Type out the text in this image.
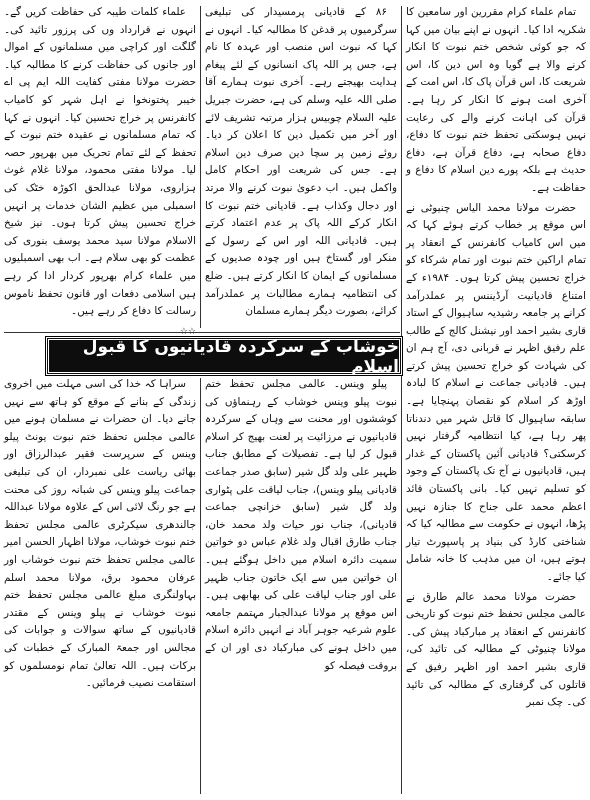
تمام علماء کرام مقررین اور سامعین کا شکریہ ادا کیا۔ انہوں نے اپنے بیان میں کہا کہ جو کوئی شخص ختم نبوت کا انکار کرنے والا ہے گویا وہ اس دین کا، اس شریعت کا، اس قرآن پاک کا، اس امت کے آخری امت ہونے کا انکار کر رہا ہے۔ قرآن کی اہانت کرنے والے کی رعایت نہیں ہوسکتی تحفظ ختم نبوت کا دفاع، دفاع صحابہ ہے، دفاع قرآن ہے، دفاع حدیث ہے بلکہ پورے دین اسلام کا دفاع و حفاظت ہے۔

حضرت مولانا محمد الیاس چنیوٹی نے اس موقع پر خطاب کرتے ہوئے کہا کہ میں اس کامیاب کانفرنس کے انعقاد پر تمام اراکین ختم نبوت اور تمام شرکاء کو خراج تحسین پیش کرتا ہوں۔ ۱۹۸۴ء کے امتناع قادیانیت آرڈیننس پر عملدرآمد کرانے پر جامعہ رشیدیہ ساہیوال کے استاد قاری بشیر احمد اور نیشنل کالج کے طالب علم رفیق اظہر نے قربانی دی، آج ہم ان کی شہادت کو خراج تحسین پیش کرتے ہیں۔ قادیانی جماعت نے اسلام کا لبادہ اوڑھ کر اسلام کو نقصان پہنچایا ہے۔ سابقہ ساہیوال کا قاتل شہر میں دندناتا پھر رہا ہے، کیا انتظامیہ گرفتار نہیں کرسکتی؟ قادیانی آئین پاکستان کے غدار ہیں، قادیانیوں نے آج تک پاکستان کے وجود کو تسلیم نہیں کیا۔ بانی پاکستان قائد اعظم محمد علی جناح کا جنازہ نہیں پڑھا، انہوں نے حکومت سے مطالبہ کیا کہ شناختی کارڈ کی بنیاد پر پاسپورٹ تیار ہوتے ہیں، ان میں مذہب کا خانہ شامل کیا جائے۔

حضرت مولانا محمد عالم طارق نے عالمی مجلس تحفظ ختم نبوت کو تاریخی کانفرنس کے انعقاد پر مبارکباد پیش کی۔ مولانا چنیوٹی کے مطالبہ کی تائید کی، قاری بشیر احمد اور اظہر رفیق کے قاتلوں کی گرفتاری کے مطالبہ کی تائید کی۔ چک نمبر

۸۶ کے قادیانی پرمسیدار کی تبلیغی سرگرمیوں پر قدغن کا مطالبہ کیا۔ انہوں نے کہا کہ نبوت اس منصب اور عہدہ کا نام ہے، جس پر اللہ پاک انسانوں کے لئے پیغام ہدایت بھیجتے رہے۔ آخری نبوت ہمارے آقا صلی اللہ علیہ وسلم کی ہے، حضرت جبریل علیہ السلام چوبیس ہزار مرتبہ تشریف لائے اور آخر میں تکمیل دین کا اعلان کر دیا۔ روئے زمین پر سچا دین صرف دین اسلام ہے۔ جس کی شریعت اور احکام کامل واکمل ہیں۔ اب دعویٰ نبوت کرنے والا مرتد اور دجال وکذاب ہے۔ قادیانی ختم نبوت کا انکار کرکے اللہ پاک پر عدم اعتماد کرتے ہیں۔ قادیانی اللہ اور اس کے رسول کے منکر اور گستاخ ہیں اور چودہ صدیوں کے مسلمانوں کے ایمان کا انکار کرتے ہیں۔ ضلع کی انتظامیہ ہمارے مطالبات پر عملدرآمد کرائے، بصورت دیگر ہمارے مسلمان

علماء کلمات طیبہ کی حفاظت کریں گے۔ انہوں نے قرارداد وں کی پرزور تائید کی۔ گلگت اور کراچی میں مسلمانوں کے اموال اور جانوں کی حفاظت کرنے کا مطالبہ کیا۔ حضرت مولانا مفتی کفایت اللہ ایم پی اے خیبر پختونخوا نے اہل شہر کو کامیاب کانفرنس پر خراج تحسین کیا۔ انہوں نے کہا کہ تمام مسلمانوں نے عقیدہ ختم نبوت کے تحفظ کے لئے تمام تحریک میں بھرپور حصہ لیا۔ مولانا مفتی محمود، مولانا غلام غوث ہزاروی، مولانا عبدالحق اکوڑہ خٹک کی اسمبلی میں عظیم الشان خدمات پر انہیں خراج تحسین پیش کرتا ہوں۔ نیز شیخ الاسلام مولانا سید محمد یوسف بنوری کی عظمت کو بھی سلام ہے۔ اب بھی اسمبلیوں میں علماء کرام بھرپور کردار ادا کر رہے ہیں اسلامی دفعات اور قانون تحفظ ناموس رسالت کا دفاع کر رہے ہیں۔

خوشاب کے سرکردہ قادیانیوں کا قبول اسلام

پیلو وینس۔ عالمی مجلس تحفظ ختم نبوت پیلو وینس خوشاب کے رہنماؤں کی کوششوں اور محنت سے وہاں کے سرکردہ قادیانیوں نے مرزائیت پر لعنت بھیج کر اسلام قبول کر لیا ہے۔ تفصیلات کے مطابق جناب ظہیر علی ولد گل شیر (سابق صدر جماعت قادیانی پیلو وینس)، جناب لیاقت علی پٹواری ولد گل شیر (سابق خزانچی جماعت قادیانی)، جناب نور حیات ولد محمد خان، جناب طارق اقبال ولد غلام عباس دو خواتین سمیت دائرہ اسلام میں داخل ہوگئے ہیں۔ ان خواتین میں سے ایک خاتون جناب ظہیر علی اور جناب لیاقت علی کی بھابھی ہیں۔ اس موقع پر مولانا عبدالجبار مہتمم جامعہ علوم شرعیہ جوہر آباد نے انہیں دائرہ اسلام میں داخل ہونے کی مبارکباد دی اور ان کے بروقت فیصلہ کو

سراہا کہ خدا کی اسی مہلت میں اخروی زندگی کے بنانے کے موقع کو ہاتھ سے نہیں جانے دیا۔ ان حضرات نے مسلمان ہونے میں عالمی مجلس تحفظ ختم نبوت یونٹ پیلو وینس کے سرپرست فقیر عبدالرزاق اور بھائی ریاست علی نمبردار، ان کی تبلیغی جماعت پیلو وینس کی شبانہ روز کی محنت ہے جو رنگ لائی اس کے علاوہ مولانا عبداللہ جالندھری سیکرٹری عالمی مجلس تحفظ ختم نبوت خوشاب، مولانا اظہار الحسن امیر عالمی مجلس تحفظ ختم نبوت خوشاب اور عرفان محمود برق، مولانا محمد اسلم بہاولنگری مبلغ عالمی مجلس تحفظ ختم نبوت خوشاب نے پیلو وینس کے مقتدر قادیانیوں کے ساتھ سوالات و جوابات کی مجالس اور جمعۃ المبارک کے خطبات کی برکات ہیں۔ اللہ تعالیٰ تمام نومسلموں کو استقامت نصیب فرمائیں۔
